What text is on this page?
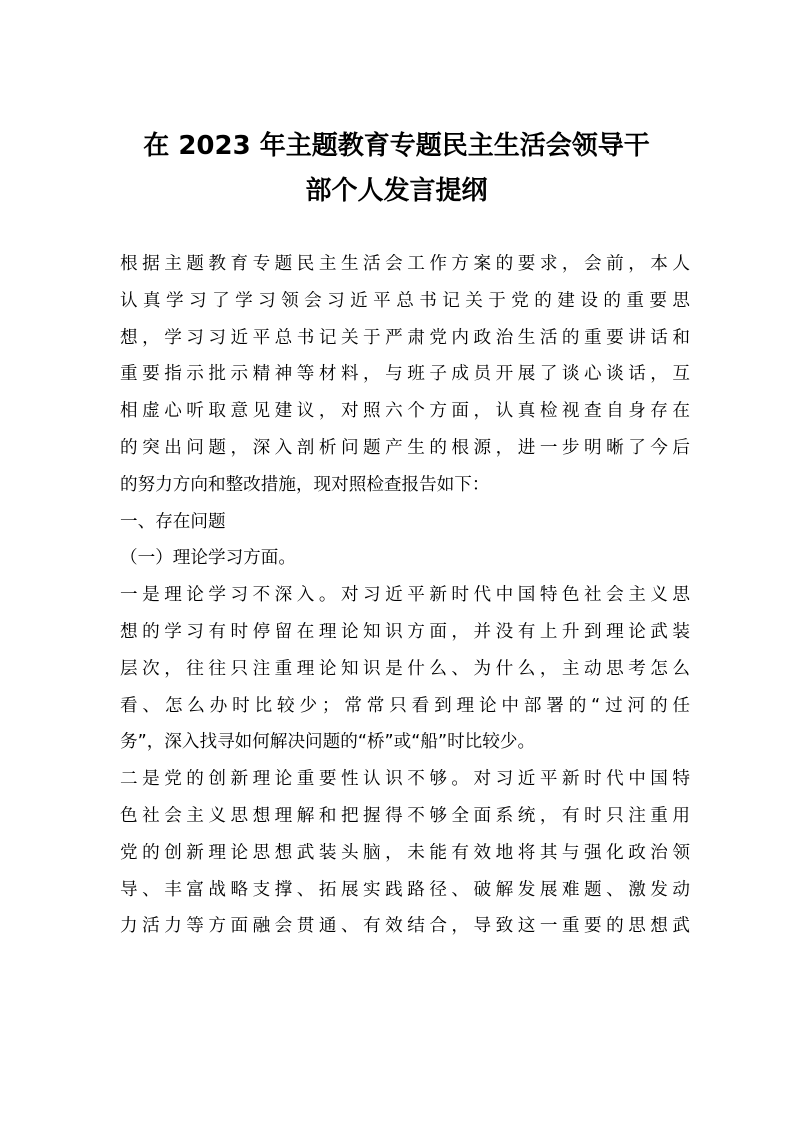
在 2023 年主题教育专题民主生活会领导干
部个人发言提纲
根据主题教育专题民主生活会工作方案的要求，会前，本人
认真学习了学习领会习近平总书记关于党的建设的重要思
想，学习习近平总书记关于严肃党内政治生活的重要讲话和
重要指示批示精神等材料，与班子成员开展了谈心谈话，互
相虚心听取意见建议，对照六个方面，认真检视查自身存在
的突出问题，深入剖析问题产生的根源，进一步明晰了今后
的努力方向和整改措施，现对照检查报告如下：
一、存在问题
（一）理论学习方面。
一是理论学习不深入。对习近平新时代中国特色社会主义思
想的学习有时停留在理论知识方面，并没有上升到理论武装
层次，往往只注重理论知识是什么、为什么，主动思考怎么
看、怎么办时比较少；常常只看到理论中部署的“过河的任
务”，深入找寻如何解决问题的“桥”或“船”时比较少。
二是党的创新理论重要性认识不够。对习近平新时代中国特
色社会主义思想理解和把握得不够全面系统，有时只注重用
党的创新理论思想武装头脑，未能有效地将其与强化政治领
导、丰富战略支撑、拓展实践路径、破解发展难题、激发动
力活力等方面融会贯通、有效结合，导致这一重要的思想武
